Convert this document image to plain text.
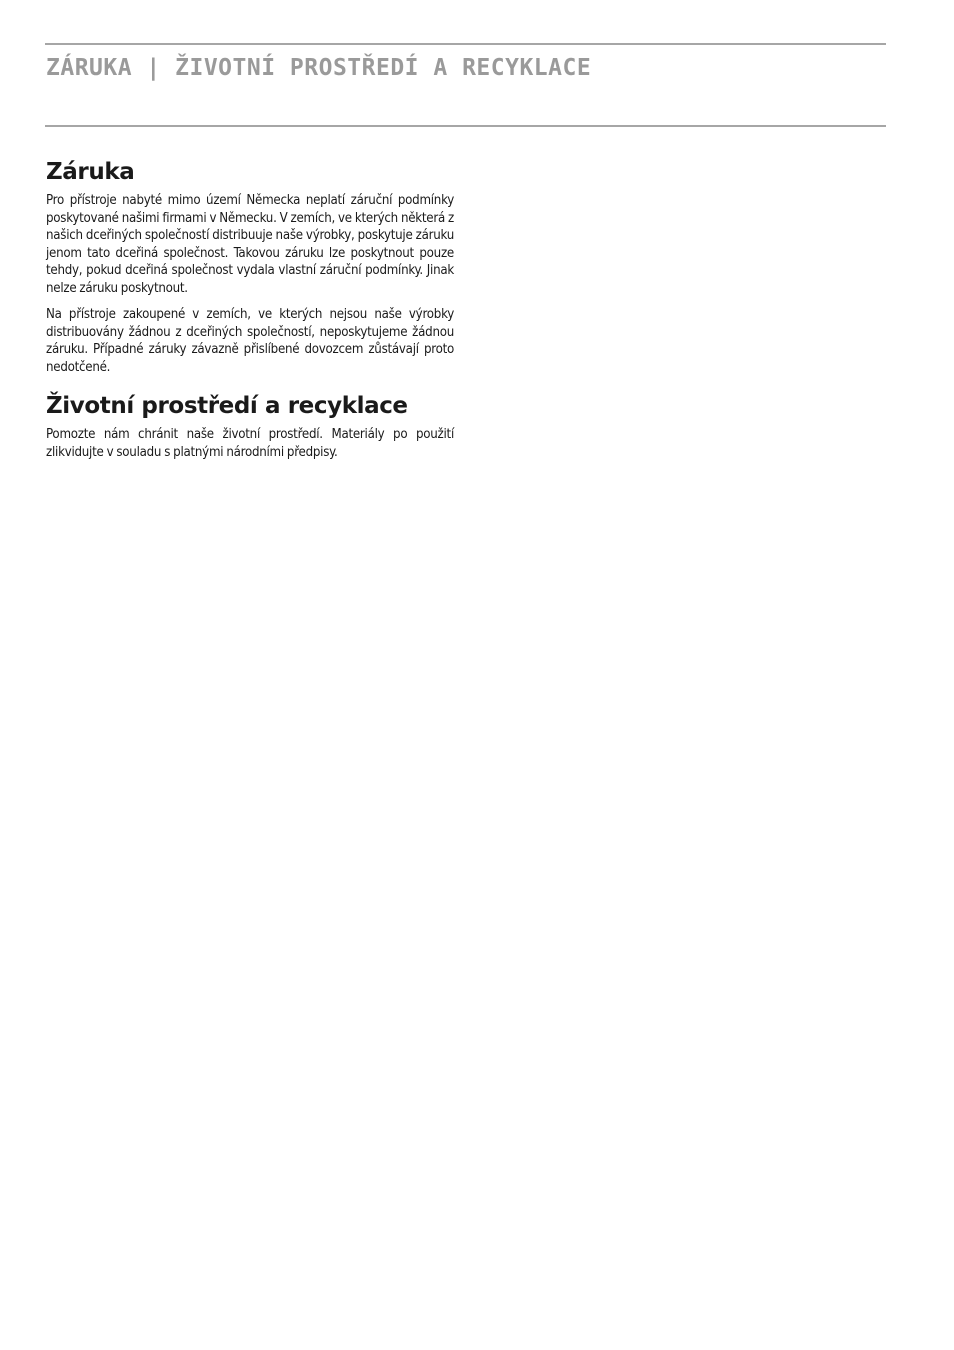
ZÁRUKA | ŽIVOTNÍ PROSTŘEDÍ A RECYKLACE
Záruka

Pro přístroje nabyté mimo území Německa neplatí záruční podmínky poskytované našimi firmami v Německu. V zemích, ve kterých některá z našich dceřiných společností distribuuje naše výrobky, poskytuje záruku jenom tato dceřiná společnost. Takovou záruku lze poskytnout pouze tehdy, pokud dceřiná společnost vydala vlastní záruční podmínky. Jinak nelze záruku poskytnout.

Na přístroje zakoupené v zemích, ve kterých nejsou naše výrobky distribuovány žádnou z dceřiných společností, neposkytujeme žádnou záruku. Případné záruky závazně přislíbené dovozcem zůstávají proto nedotčené.

Životní prostředí a recyklace

Pomozte nám chránit naše životní prostředí. Materiály po použití zlikvidujte v souladu s platnými národními předpisy.
